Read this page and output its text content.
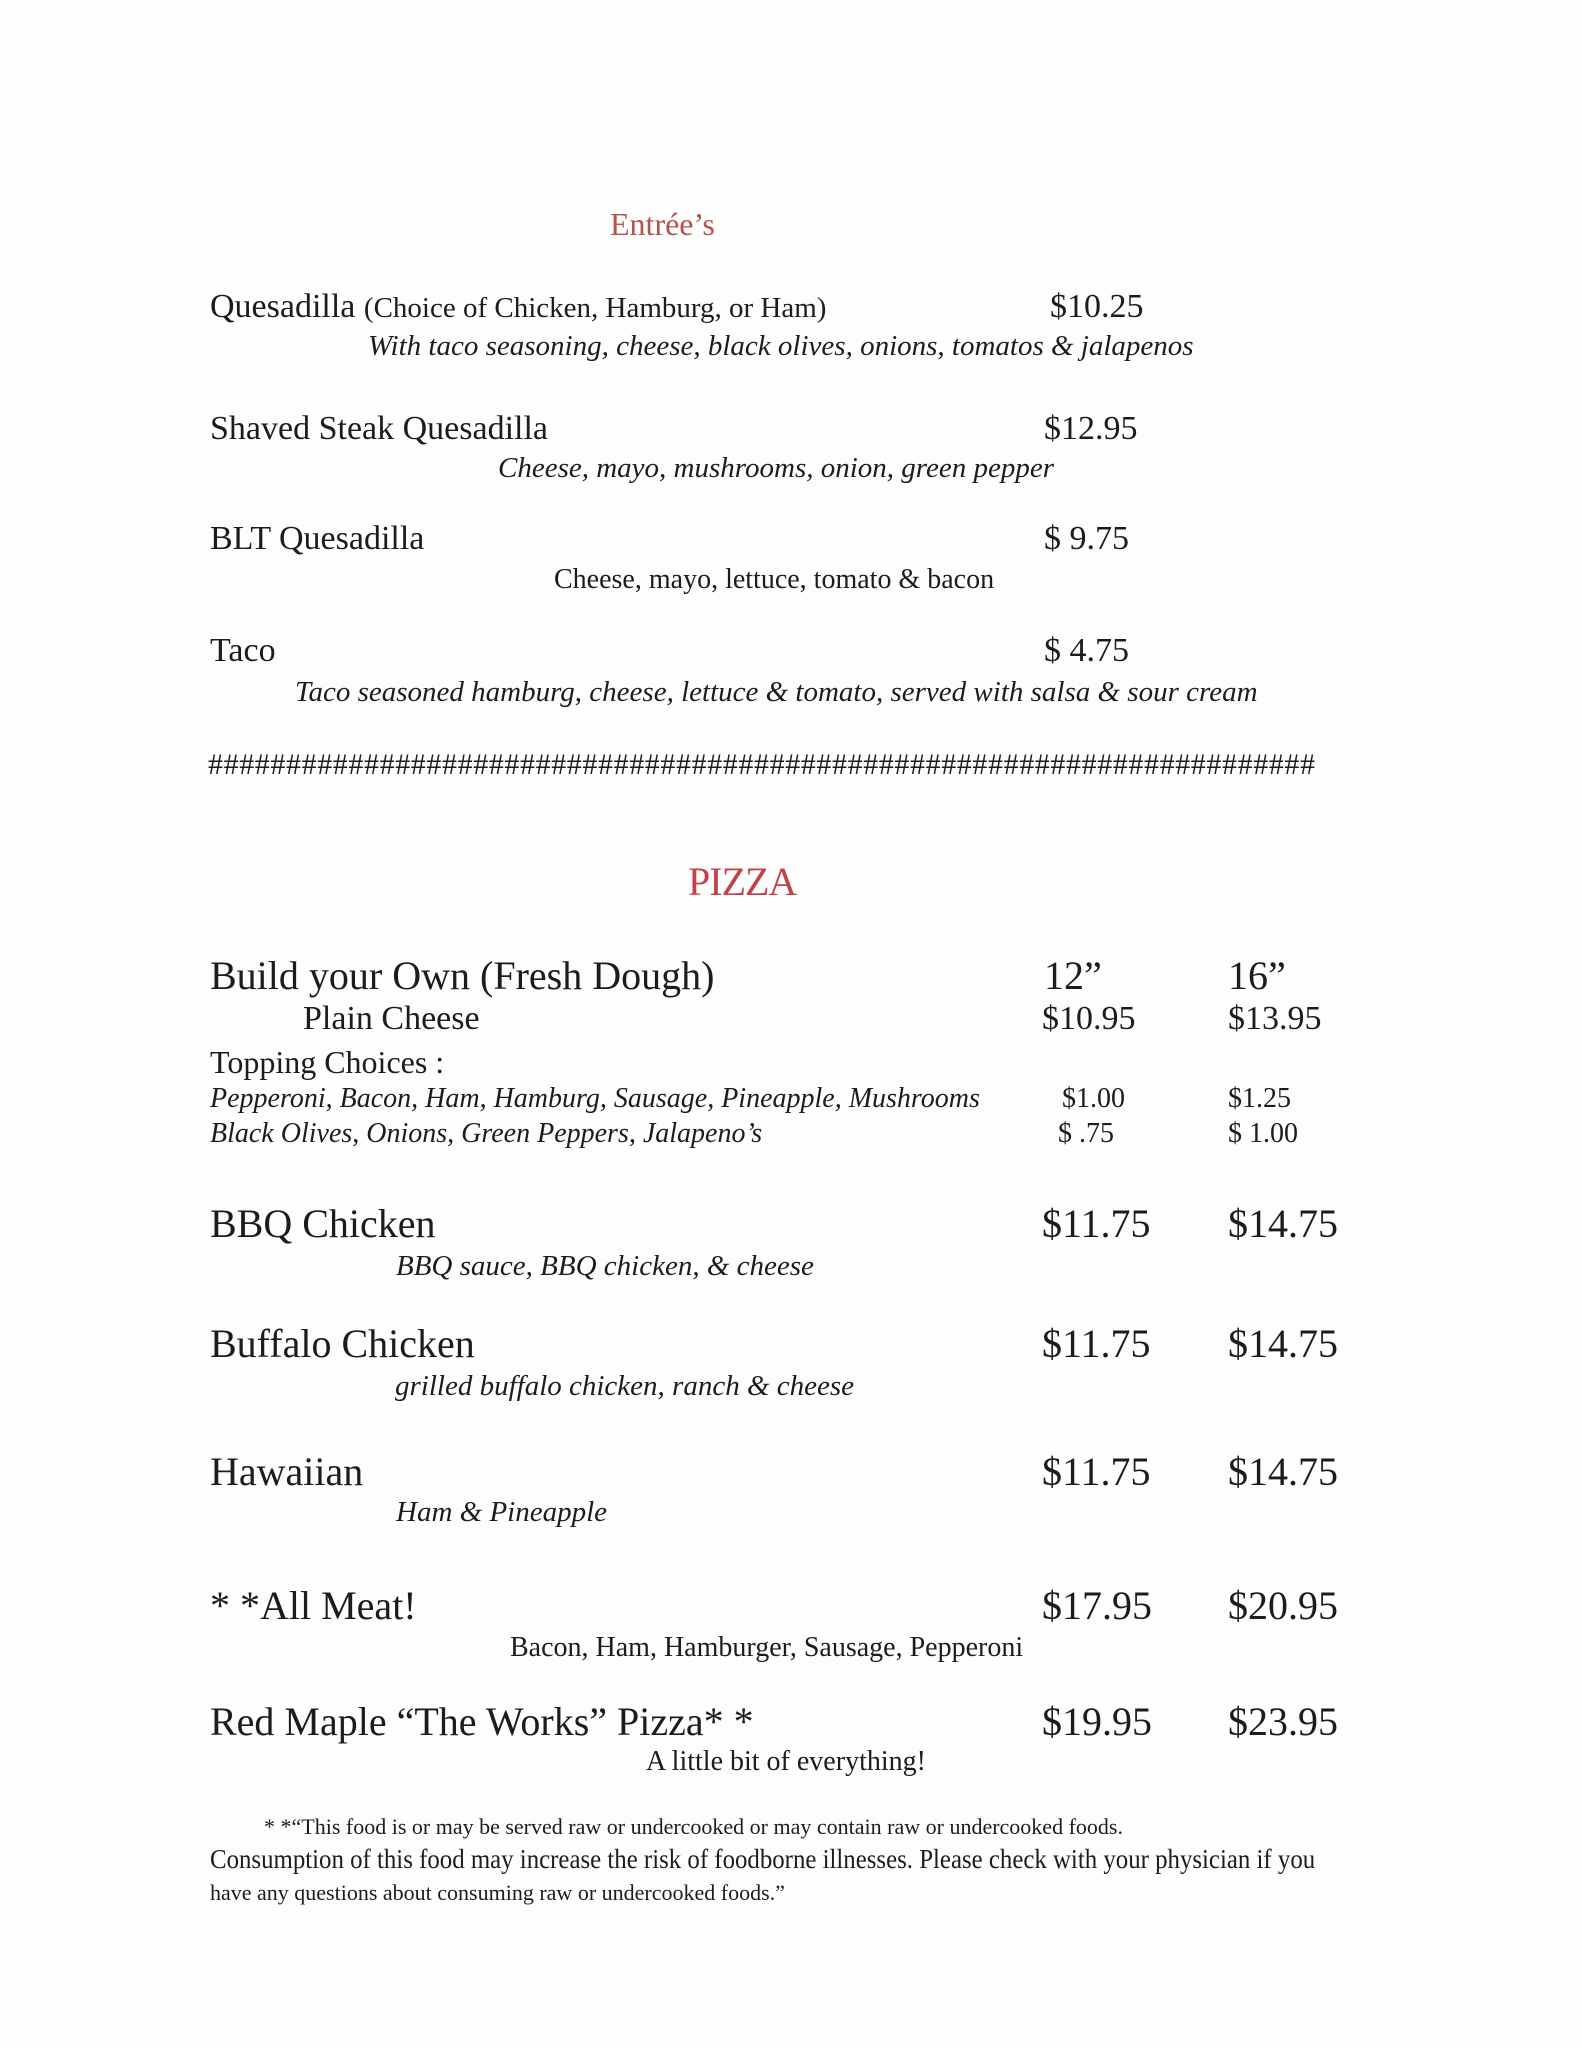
Entrée’s
Quesadilla (Choice of Chicken, Hamburg, or Ham)	$10.25
With taco seasoning, cheese, black olives, onions, tomatos & jalapenos
Shaved Steak Quesadilla	$12.95
Cheese, mayo, mushrooms, onion, green pepper
BLT Quesadilla	$ 9.75
Cheese, mayo, lettuce, tomato & bacon
Taco	$ 4.75
Taco seasoned hamburg, cheese, lettuce & tomato, served with salsa & sour cream
#######################################################################
PIZZA
Build your Own (Fresh Dough)	12”	16”
Plain Cheese	$10.95	$13.95
Topping Choices :
Pepperoni, Bacon, Ham, Hamburg, Sausage, Pineapple, Mushrooms	$1.00	$1.25
Black Olives, Onions, Green Peppers, Jalapeno’s	$ .75	$ 1.00
BBQ Chicken	$11.75 $14.75
BBQ sauce, BBQ chicken, & cheese
Buffalo Chicken	$11.75 $14.75
grilled buffalo chicken, ranch & cheese
Hawaiian	$11.75 $14.75
Ham & Pineapple
* *All Meat!	$17.95 $20.95
Bacon, Ham, Hamburger, Sausage, Pepperoni
Red Maple “The Works” Pizza* *	$19.95 $23.95
A little bit of everything!
* *“This food is or may be served raw or undercooked or may contain raw or undercooked foods.
Consumption of this food may increase the risk of foodborne illnesses. Please check with your physician if you
have any questions about consuming raw or undercooked foods.”
